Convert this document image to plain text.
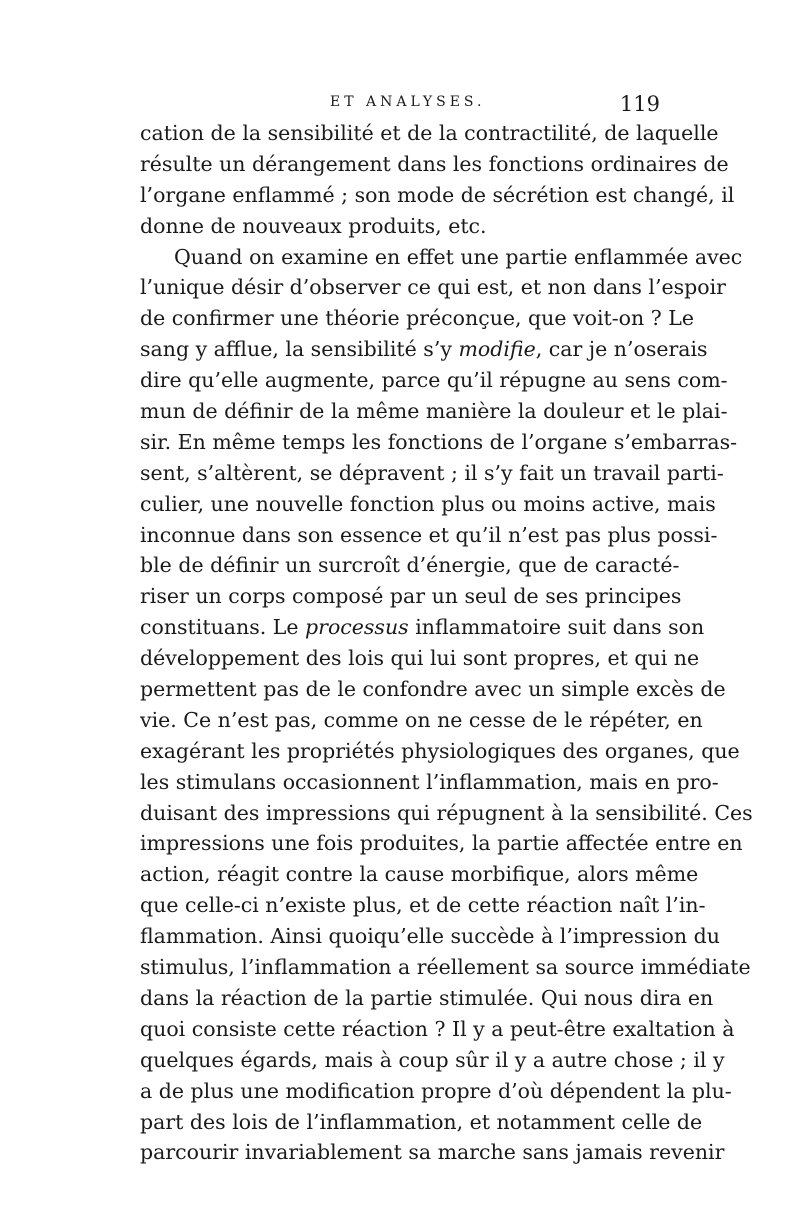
ET ANALYSES.	119
cation de la sensibilité et de la contractilité, de laquelle
résulte un dérangement dans les fonctions ordinaires de
l’organe enflammé ; son mode de sécrétion est changé, il
donne de nouveaux produits, etc.
Quand on examine en effet une partie enflammée avec
l’unique désir d’observer ce qui est, et non dans l’espoir
de confirmer une théorie préconçue, que voit-on ? Le
sang y afflue, la sensibilité s’y modifie, car je n’oserais
dire qu’elle augmente, parce qu’il répugne au sens com-
mun de définir de la même manière la douleur et le plai-
sir. En même temps les fonctions de l’organe s’embarras-
sent, s’altèrent, se dépravent ; il s’y fait un travail parti-
culier, une nouvelle fonction plus ou moins active, mais
inconnue dans son essence et qu’il n’est pas plus possi-
ble de définir un surcroît d’énergie, que de caracté-
riser un corps composé par un seul de ses principes
constituans. Le processus inflammatoire suit dans son
développement des lois qui lui sont propres, et qui ne
permettent pas de le confondre avec un simple excès de
vie. Ce n’est pas, comme on ne cesse de le répéter, en
exagérant les propriétés physiologiques des organes, que
les stimulans occasionnent l’inflammation, mais en pro-
duisant des impressions qui répugnent à la sensibilité. Ces
impressions une fois produites, la partie affectée entre en
action, réagit contre la cause morbifique, alors même
que celle-ci n’existe plus, et de cette réaction naît l’in-
flammation. Ainsi quoiqu’elle succède à l’impression du
stimulus, l’inflammation a réellement sa source immédiate
dans la réaction de la partie stimulée. Qui nous dira en
quoi consiste cette réaction ? Il y a peut-être exaltation à
quelques égards, mais à coup sûr il y a autre chose ; il y
a de plus une modification propre d’où dépendent la plu-
part des lois de l’inflammation, et notamment celle de
parcourir invariablement sa marche sans jamais revenir
